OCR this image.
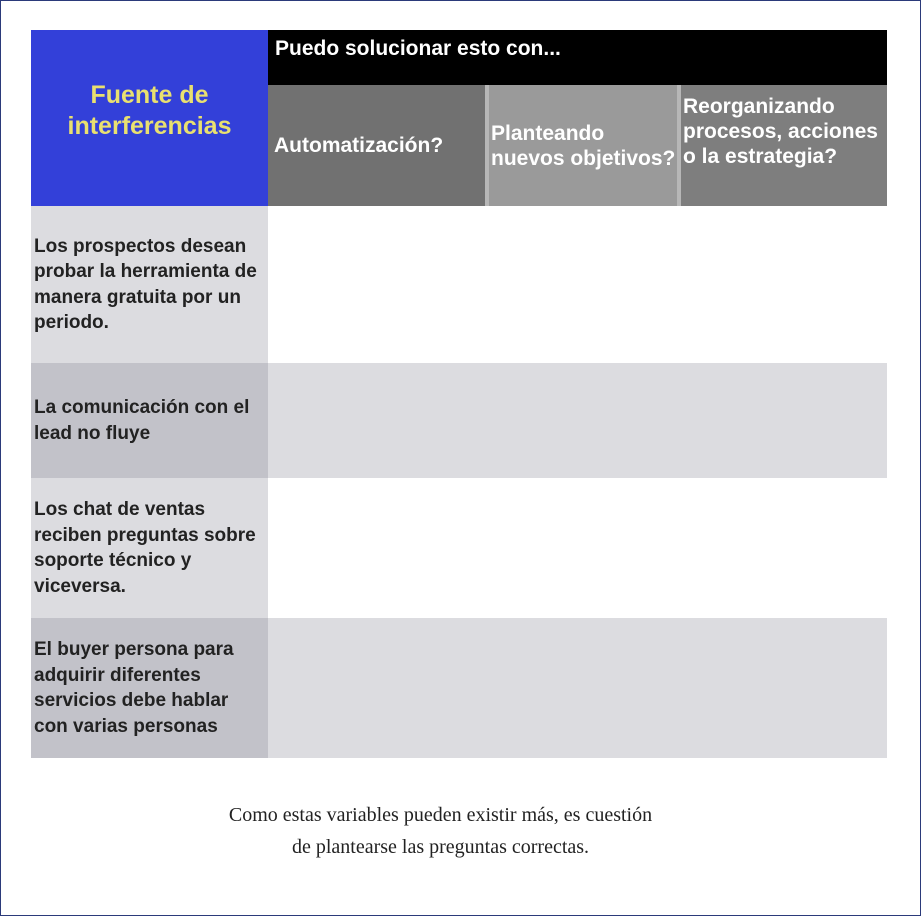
Fuente de interferencias
Puedo solucionar esto con...
Automatización?
Planteando nuevos objetivos?
Reorganizando procesos, acciones o la estrategia?
Los prospectos desean probar la herramienta de manera gratuita por un periodo.
La comunicación con el lead no fluye
Los chat de ventas reciben preguntas sobre soporte técnico y viceversa.
El buyer persona para adquirir diferentes servicios debe hablar con varias personas
Como estas variables pueden existir más, es cuestión
de plantearse las preguntas correctas.
